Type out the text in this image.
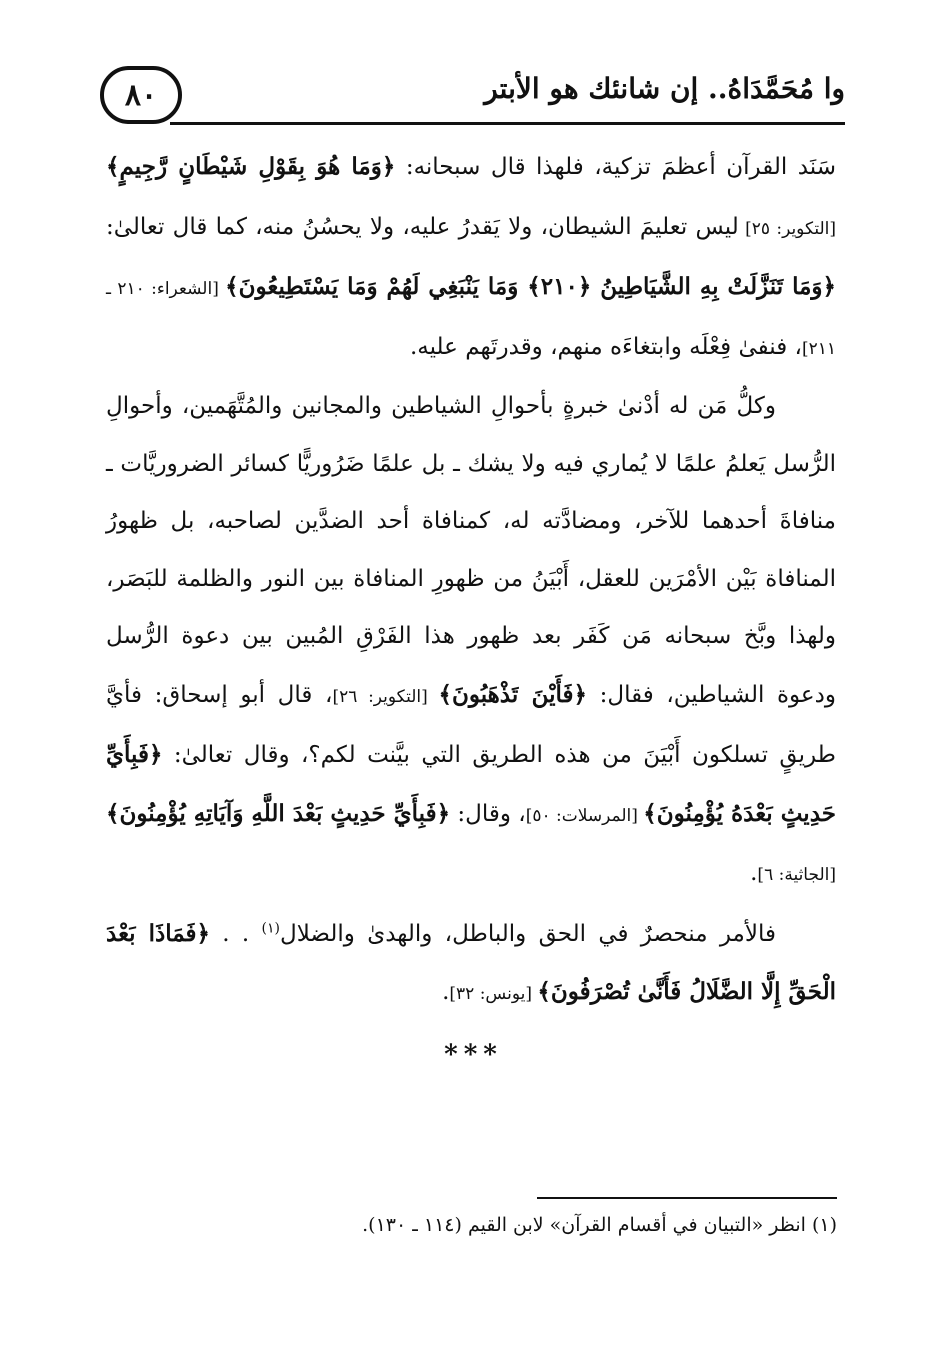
٨٠	وا مُحَمَّدَاهُ.. إن شانئك هو الأبتر

سَنَد القرآن أعظمَ تزكية، فلهذا قال سبحانه: ﴿وَمَا هُوَ بِقَوْلِ شَيْطَانٍ رَّجِيمٍ﴾ [التكوير: ٢٥] ليس تعليمَ الشيطان، ولا يَقدرُ عليه، ولا يحسُنُ منه، كما قال تعالىٰ: ﴿وَمَا تَنَزَّلَتْ بِهِ الشَّيَاطِينُ ﴿٢١٠﴾ وَمَا يَنْبَغِي لَهُمْ وَمَا يَسْتَطِيعُونَ﴾ [الشعراء: ٢١٠ ـ ٢١١]، فنفىٰ فِعْلَه وابتغاءَه منهم، وقدرتَهم عليه.

وكلُّ مَن له أدْنىٰ خبرةٍ بأحوالِ الشياطين والمجانين والمُتَّهَمين، وأحوالِ الرُّسل يَعلمُ علمًا لا يُماري فيه ولا يشك ـ بل علمًا ضَرُوريًّا كسائر الضروريَّات ـ منافاةَ أحدهما للآخر، ومضادَّته له، كمنافاة أحد الضدَّين لصاحبه، بل ظهورُ المنافاة بَيْن الأمْرَين للعقل، أَبْيَنُ من ظهورِ المنافاة بين النور والظلمة للبَصَر، ولهذا وبَّخ سبحانه مَن كَفَر بعد ظهور هذا الفَرْقِ المُبين بين دعوة الرُّسل ودعوة الشياطين، فقال: ﴿فَأَيْنَ تَذْهَبُونَ﴾ [التكوير: ٢٦]، قال أبو إسحاق: فأيَّ طريقٍ تسلكون أَبْيَنَ من هذه الطريق التي بيَّنت لكم؟، وقال تعالىٰ: ﴿فَبِأَيِّ حَدِيثٍ بَعْدَهُ يُؤْمِنُونَ﴾ [المرسلات: ٥٠]، وقال: ﴿فَبِأَيِّ حَدِيثٍ بَعْدَ اللَّهِ وَآيَاتِهِ يُؤْمِنُونَ﴾ [الجاثية: ٦].

فالأمر منحصرٌ في الحق والباطل، والهدىٰ والضلال$^{(١)}$ . . ﴿فَمَاذَا بَعْدَ الْحَقِّ إِلَّا الضَّلَالُ فَأَنَّىٰ تُصْرَفُونَ﴾ [يونس: ٣٢].

***
(١) انظر «التبيان في أقسام القرآن» لابن القيم (١١٤ ـ ١٣٠).
